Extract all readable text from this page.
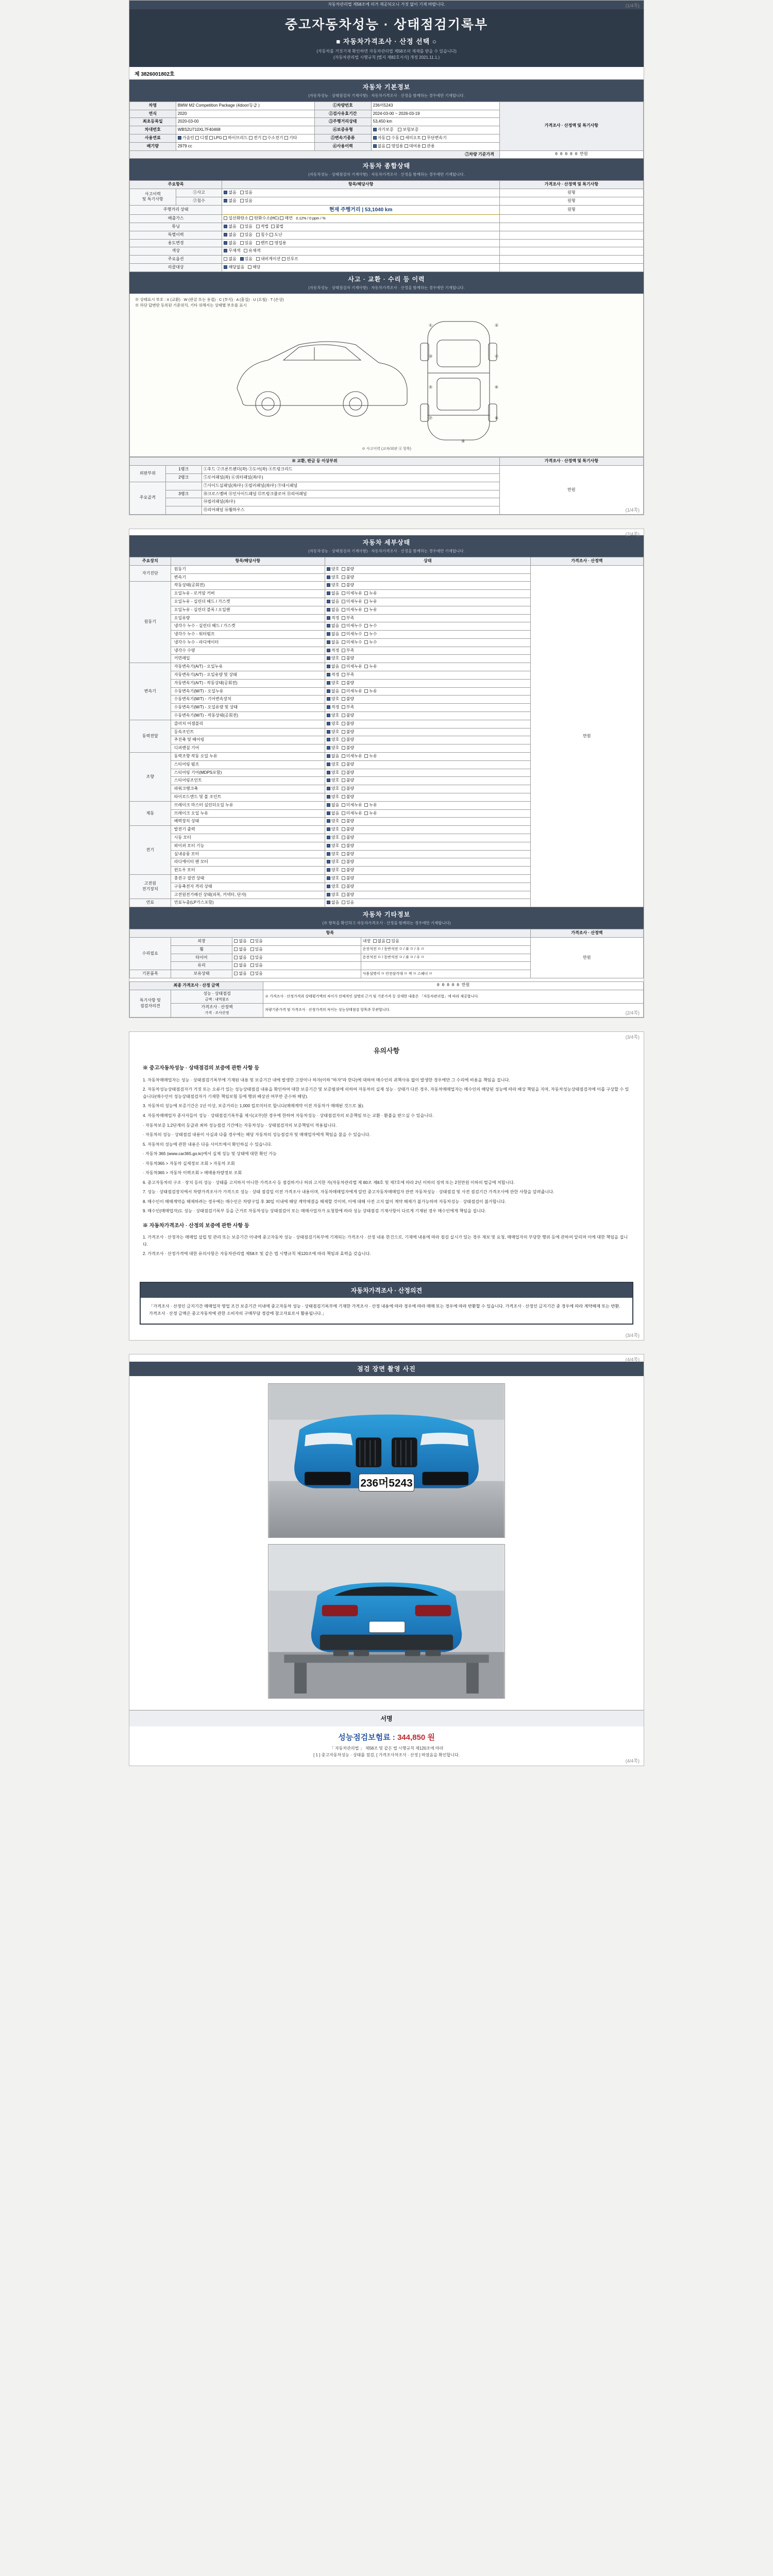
(1/4쪽)
자동차관리법 제58조에 의거 제공되오니 거짓 없이 기재 바랍니다.
중고자동차성능 · 상태점검기록부
■ 자동차가격조사 · 산정 선택 ○
(자동차를 거짓기재 확인하면 자동차관리법 제58조의 제재를 받을 수 있습니다)
(자동차관리법 시행규칙 [별지 제82호서식] 개정 2021.11.1.)
제 3826001802호
자동차 기본정보
(자동차성능 · 상태점검자 기재사항) · 자동차가격조사 · 산정을 함께하는 경우에만 기재합니다.
차명	BMW M2 Competition Package (4door/등급 )	①차량번호	236머5243	가격조사 · 산정액 및 특기사항
연식	2020	②검사유효기간	2024-03-00 ~ 2026-03-19	
최초등록일	2020-03-00	③주행거리상태	53,450 km	
차대번호	WBS2U710XL7F40468	④보증유형	자가보증 보험보증	
사용연료	가솔린 디젤 LPG 하이브리드 전기 수소전기 기타	⑤변속기종류	자동 수동 세미오토 무단변속기	
배기량	2979 cc	⑥사용이력	없음 영업용 대여용 관용	
⑦차량 기준가격				0 0 0 0 0 만원
자동차 종합상태
(자동차성능 · 상태점검자 기재사항) · 자동차가격조사 · 산정을 함께하는 경우에만 기재합니다.
주요항목		항목/해당사항	가격조사 · 산정액 및 특기사항
사고이력
및 특기사항	①사고	없음 있음	원형
	②침수	없음 있음	원형
주행거리 상태		현재 주행거리 | 53,1040 km	원형
배출가스		일산화탄소 탄화수소(HC) 매연 0.12% / 0 ppm / %	
튜닝		없음 있음 적법 불법	
특별이력		없음 있음 침수 도난	
용도변경		없음 있음 렌트 영업용	
색상		무채색 유채색	
주요옵션		없음 있음 내비게이션 선루프	
리콜대상		해당없음 해당	
사고 · 교환 · 수리 등 이력
(자동차성능 · 상태점검자 기재사항) · 자동차가격조사 · 산정을 함께하는 경우에만 기재합니다.
※ 상태표시 부호 : X (교환) · W (판금 또는 용접) · C (부식) · A (흠집) · U (요철) · T (손상)
※ 하단 답변란 등록된 기준위치, 기타 위해지는 상태별 부호를 표시
①	②
③	④
⑤	⑥
⑦	⑧
⑨
※ 사고이력 (교차/외판 ④ 항목)
※ 교환, 판금 등 이상부위			가격조사 · 산정액 및 특기사항
외판부위	1랭크	①후드 ②프론트펜더(좌) ③도어(좌) ④트렁크리드	만원
	2랭크	⑤로어패널(좌) ⑥쿼터패널(좌/우)	
주요골격		⑦사이드실패널(좌/우) ⑧필러패널(좌/우) ⑨대시패널	
	3랭크	⑩크로스멤버 ⑪인사이드패널 ⑫트렁크플로어 ⑬리어패널	
		⑭필러패널(좌/우)	
		⑮리어패널 ⑯휠하우스		(1/4쪽)
(2/4쪽)
자동차 세부상태
(자동차성능 · 상태점검자 기재사항) · 자동차가격조사 · 산정을 함께하는 경우에만 기재합니다.
주요장치	항목/해당사항	상태	가격조사 · 산정액
자기진단	원동기	양호 불량	만원
	변속기	양호 불량	
원동기	작동상태(공회전)	양호 불량	
	오일누유 - 로커암 커버	없음 미세누유 누유	
	오일누유 - 실린더 헤드 / 가스켓	없음 미세누유 누유	
	오일누유 - 실린더 블록 / 오일팬	없음 미세누유 누유	
	오일유량	적정 부족	
	냉각수 누수 - 실린더 헤드 / 가스켓	없음 미세누수 누수	
	냉각수 누수 - 워터펌프	없음 미세누수 누수	
	냉각수 누수 - 라디에이터	없음 미세누수 누수	
	냉각수 수량	적정 부족	
	커먼레일	양호 불량	
변속기	자동변속기(A/T) - 오일누유	없음 미세누유 누유	
	자동변속기(A/T) - 오일유량 및 상태	적정 부족	
	자동변속기(A/T) - 작동상태(공회전)	양호 불량	
	수동변속기(M/T) - 오일누유	없음 미세누유 누유	
	수동변속기(M/T) - 기어변속장치	양호 불량	
	수동변속기(M/T) - 오일유량 및 상태	적정 부족	
	수동변속기(M/T) - 작동상태(공회전)	양호 불량	
동력전달	클러치 어셈블리	양호 불량	
	등속조인트	양호 불량	
	추진축 및 베어링	양호 불량	
	디퍼렌셜 기어	양호 불량	
조향	동력조향 작동 오일 누유	없음 미세누유 누유	
	스티어링 펌프	양호 불량	
	스티어링 기어(MDPS포함)	양호 불량	
	스티어링조인트	양호 불량	
	파워크랭크축	양호 불량	
	타이로드엔드 및 볼 조인트	양호 불량	
제동	브레이크 마스터 실린더오일 누유	없음 미세누유 누유	
	브레이크 오일 누유	없음 미세누유 누유	
	배력장치 상태	양호 불량	
전기	발전기 출력	양호 불량	
	시동 모터	양호 불량	
	와이퍼 모터 기능	양호 불량	
	실내송풍 모터	양호 불량	
	라디에이터 팬 모터	양호 불량	
	윈도우 모터	양호 불량	
고전원
전기장치	충전구 절연 상태	양호 불량	
	구동축전지 격리 상태	양호 불량	
	고전원전기배선 상태(피복, 커넥터, 단자)	양호 불량	
연료	연료누출(LP가스포함)	없음 있음	
자동차 기타정보
(※ 항목을 확인하고 자동차가격조사 · 산정을 함께하는 경우에만 기재합니다)
항목				가격조사 · 산정액
수리필요	외장	없음 있음	내장 없음 있음	만원
	휠	없음 있음	운전석전 ㅁ / 동반석전 ㅁ / 좌 ㅁ / 우 ㅁ	
	타이어	없음 있음	운전석전 ㅁ / 동반석전 ㅁ / 좌 ㅁ / 우 ㅁ	
	유리	없음 있음		
기본품목	보유상태	없음 있음	사용설명서 ㅁ 안전삼각대 ㅁ 잭 ㅁ 스패너 ㅁ	
최종 가격조사 · 산정 금액		0 0 0 0 0 만원
특기사항 및
점검자의견	성능 · 상태점검
금액 : 내역참조	※ 가격조사 · 산정가격과 상태평가액의 차이가 전체적인 설명의 근거 및 기준가격 등 상세한 내용은 「자동차관리법」에 따라 제공합니다.
	가격조사 · 산정액
가격 · 조사산정	차량기준가격 및 가격조사 · 산정가격의 차이는 성능상태점검 항목과 무관합니다.
(2/4쪽)
(3/4쪽)
유의사항
※ 중고자동차성능 · 상태점검의 보증에 관한 사항 등

1. 자동차매매업자는 성능 · 상태점검기록부에 기재된 내용 및 보증기간 내에 발생한 고장이나 하자(이하 "하자"라 한다)에 대하여 매수인의 귀책사유 없이 발생한 경우에만 그 수리에 비용을 책임을 집니다.

2. 자동차성능상태점검자가 거짓 또는 오류가 있는 성능상태점검 내용을 확인하여 대한 보증기간 및 보증범위에 의하여 자동차의 실제 성능 · 상태가 다른 경우, 자동차매매업자는 매수인의 해당된 성능에 따라 배상 책임을 지며, 자동차성능상태점검자에 이를 구상할 수 있습니다(매수인이 성능상태점검자가 기재한 책임보험 등에 행위 배상권 여부만 준수하 해당).

3. 자동차의 성능에 보증기간은 1년 이상, 보증거리는 1,000 킬로미터로 합니다(매매계약 이전 자동차가 매매된 것으로 봄).

4. 자동차매매업자 종사자들이 성능 · 상태점검기록부를 제시(교부)한 경우에 한하여 자동차성능 · 상태점검자의 보증책임 또는 교환 · 환불을 받으실 수 있습니다.

· 자동차보증 1,2단계의 등급과 최하 성능점검 기간에는 자동차성능 · 상태점검자의 보증책임이 적용됩니다.

· 자동차의 성능 · 상태점검 내용이 사실과 다를 경우에는 해당 자동차의 성능점검자 및 매매업자에게 책임을 물을 수 있습니다.

5. 자동차의 성능에 관한 내용은 다음 사이트에서 확인하실 수 있습니다.

· 자동차 365 (www.car365.go.kr)에서 실제 성능 및 상태에 대한 확인 가능

· 자동차365 > 자동차 실제정보 조회 > 자동차 조회

· 자동차365 > 자동차 이력조회 > 매매용차량정보 조회

6. 중고자동차의 구조 · 장치 등의 성능 · 상태를 고지하지 아니한 가격조사 등 점검하거나 허위 고지한 자(자동차관리법 제 80조 제8호 및 제7호에 따라 2년 이하의 징역 또는 2천만원 이하의 벌금에 처합니다.

7. 성능 · 상태점검장치에서 차량가격조사가 가격으로 성능 · 상태 점검일 이전 가격조사 내용이며, 자동차매매업자에게 알린 중고자동차매매업자 관련 자동차성능 · 상태점검 및 사전 점검기간 가격조사에 관한 사항을 알려줍니다.

8. 매수인이 매매계약을 해제하려는 경우에는 매수인은 차량구입 후 30일 이내에 해당 계약체결을 해제할 것이며, 이에 대해 사전 고지 없이 계약 해제가 불가능하며 자동차성능 · 상태점검이 불가합니다.

9. 매수인(매매업자)도 성능 · 상태점검기록부 등을 근거로 자동차성능 상태점검이 또는 매매사업자가 요청함에 따라 성능 상태점검 기재사항이 다르게 기재된 경우 매수인에게 책임을 집니다.

※ 자동차가격조사 · 산정의 보증에 관한 사항 등

1. 가격조사 · 산정자는 매매업 설립 및 관리 또는 보증기간 이내에 중고자동차 성능 · 상태점검기록부에 기재되는 가격조사 · 산정 내용 한건으로, 기재에 내용에 따라 점검 실시가 있는 경우 제보 및 요청, 매매업자의 부당한 행위 등에 관하여 알리며 이에 대한 책임을 집니다.

2. 가격조사 · 산정가격에 대한 유의사항은 자동차관리법 제58조 및 같은 법 시행규칙 제120조에 따라 책임과 효력을 갖습니다.

자동차가격조사 · 산정의견
「가격조사 · 산정인 금지기간 매매업자 영업 조건 보증기간 이내에 중고자동차 성능 · 상태점검기록부에 기재한 가격조사 · 산정 내용에 따라 경우에 따라 매매 또는 경우에 따라 반환할 수 있습니다. 가격조사 · 산정인 금지기간 중 경우에 따라 계약해제 또는 반환. 가격조사 · 산정 금액은 중고자동차에 관한 소비자의 구매부담 경감에 참고자료로서 활용됩니다.」
(3/4쪽)
(4/4쪽)
점검 장면 촬영 사진
236머5243
서명
성능점검보험료 : 344,850 원
「 자동차관리법 」 제58조 및 같은 법 시행규칙 제120조에 따라
[ 1 ] 중고자동차성능 · 상태를 점검, [ 가격조사차조사 · 산정 ] 하였음을 확인합니다.
(4/4쪽)
